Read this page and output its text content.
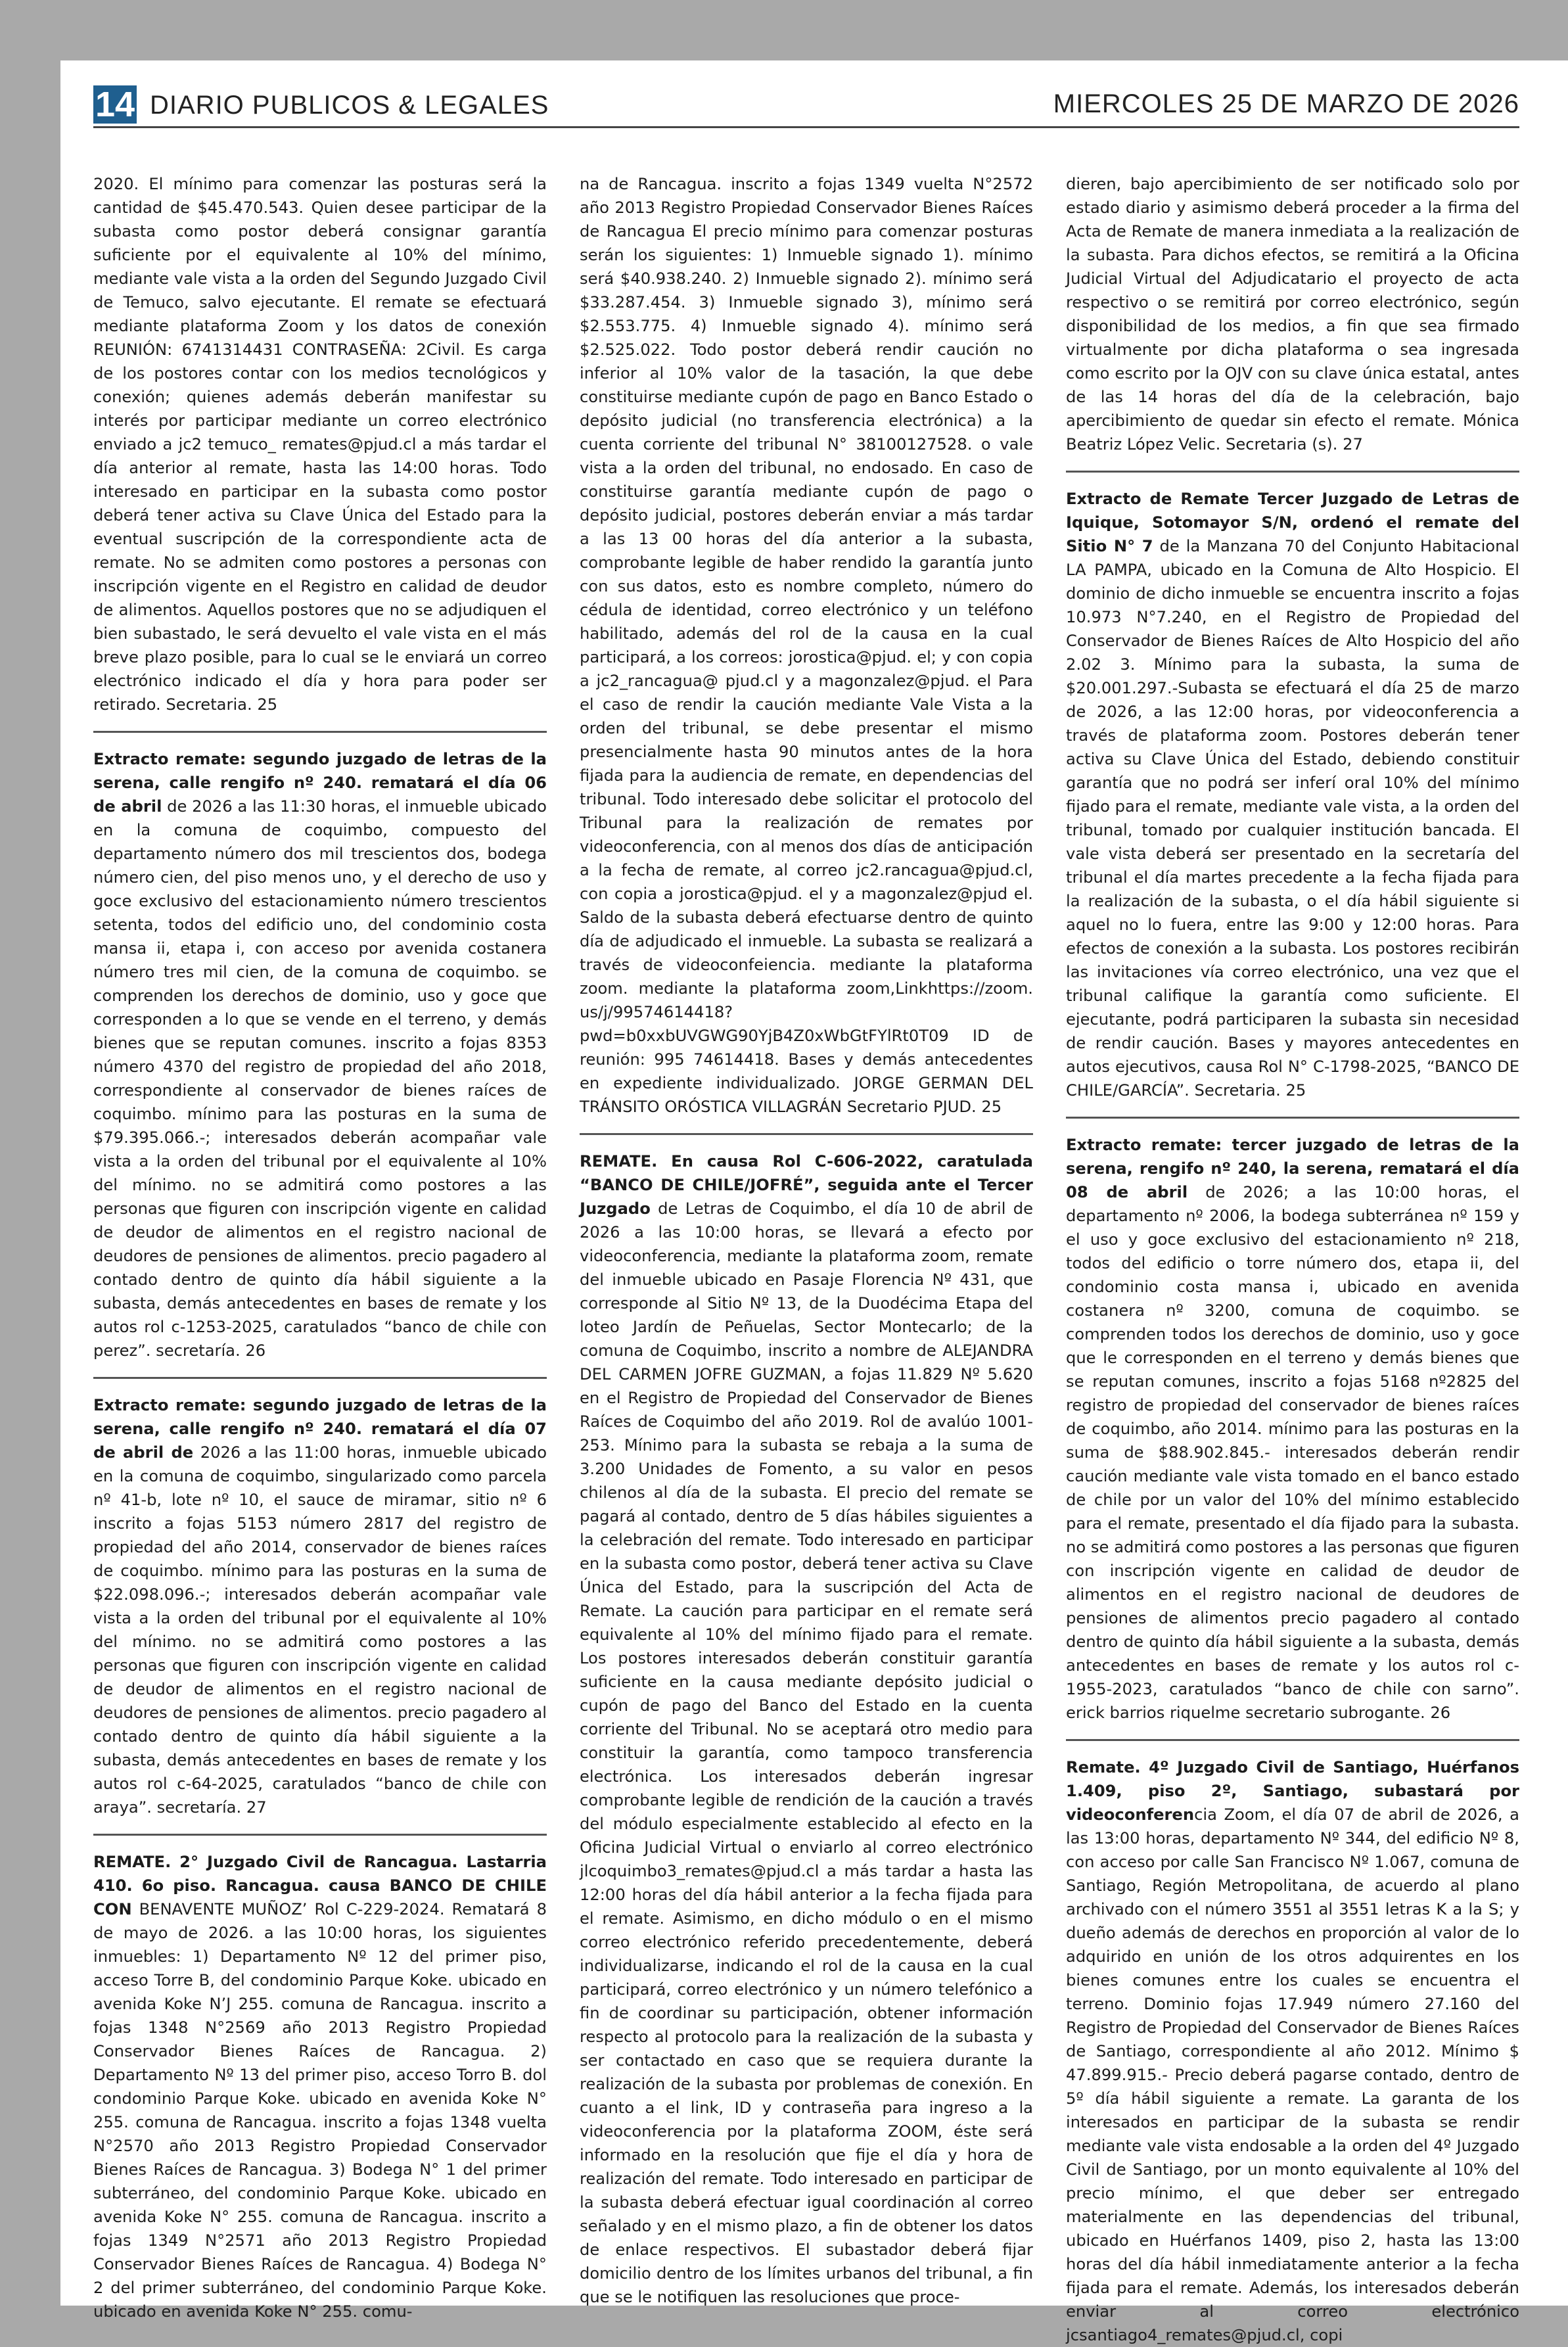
14 DIARIO PUBLICOS & LEGALES	MIERCOLES 25 DE MARZO DE 2026

2020. El mínimo para comenzar las posturas será la cantidad de $45.470.543. Quien desee participar de la subasta como postor deberá consignar garantía suficiente por el equivalente al 10% del mínimo, mediante vale vista a la orden del Segundo Juzgado Civil de Temuco, salvo ejecutante. El remate se efectuará mediante plataforma Zoom y los datos de conexión REUNIÓN: 6741314431 CONTRASEÑA: 2Civil. Es carga de los postores contar con los medios tecnológicos y conexión; quienes además deberán manifestar su interés por participar mediante un correo electrónico enviado a jc2 temuco_ remates@pjud.cl a más tardar el día anterior al remate, hasta las 14:00 horas. Todo interesado en participar en la subasta como postor deberá tener activa su Clave Única del Estado para la eventual suscripción de la correspondiente acta de remate. No se admiten como postores a personas con inscripción vigente en el Registro en calidad de deudor de alimentos. Aquellos postores que no se adjudiquen el bien subastado, le será devuelto el vale vista en el más breve plazo posible, para lo cual se le enviará un correo electrónico indicado el día y hora para poder ser retirado. Secretaria. 25

Extracto remate: segundo juzgado de letras de la serena, calle rengifo nº 240. rematará el día 06 de abril de 2026 a las 11:30 horas, el inmueble ubicado en la comuna de coquimbo, compuesto del departamento número dos mil trescientos dos, bodega número cien, del piso menos uno, y el derecho de uso y goce exclusivo del estacionamiento número trescientos setenta, todos del edificio uno, del condominio costa mansa ii, etapa i, con acceso por avenida costanera número tres mil cien, de la comuna de coquimbo. se comprenden los derechos de dominio, uso y goce que corresponden a lo que se vende en el terreno, y demás bienes que se reputan comunes. inscrito a fojas 8353 número 4370 del registro de propiedad del año 2018, correspondiente al conservador de bienes raíces de coquimbo. mínimo para las posturas en la suma de $79.395.066.-; interesados deberán acompañar vale vista a la orden del tribunal por el equivalente al 10% del mínimo. no se admitirá como postores a las personas que figuren con inscripción vigente en calidad de deudor de alimentos en el registro nacional de deudores de pensiones de alimentos. precio pagadero al contado dentro de quinto día hábil siguiente a la subasta, demás antecedentes en bases de remate y los autos rol c-1253-2025, caratulados “banco de chile con perez”. secretaría. 26

Extracto remate: segundo juzgado de letras de la serena, calle rengifo nº 240. rematará el día 07 de abril de 2026 a las 11:00 horas, inmueble ubicado en la comuna de coquimbo, singularizado como parcela nº 41-b, lote nº 10, el sauce de miramar, sitio nº 6 inscrito a fojas 5153 número 2817 del registro de propiedad del año 2014, conservador de bienes raíces de coquimbo. mínimo para las posturas en la suma de $22.098.096.-; interesados deberán acompañar vale vista a la orden del tribunal por el equivalente al 10% del mínimo. no se admitirá como postores a las personas que figuren con inscripción vigente en calidad de deudor de alimentos en el registro nacional de deudores de pensiones de alimentos. precio pagadero al contado dentro de quinto día hábil siguiente a la subasta, demás antecedentes en bases de remate y los autos rol c-64-2025, caratulados “banco de chile con araya”. secretaría. 27

REMATE. 2° Juzgado Civil de Rancagua. Lastarria 410. 6o piso. Rancagua. causa BANCO DE CHILE CON BENAVENTE MUÑOZ’ Rol C-229-2024. Rematará 8 de mayo de 2026. a las 10:00 horas, los siguientes inmuebles: 1) Departamento Nº 12 del primer piso, acceso Torre B, del condominio Parque Koke. ubicado en avenida Koke N’J 255. comuna de Rancagua. inscrito a fojas 1348 N°2569 año 2013 Registro Propiedad Conservador Bienes Raíces de Rancagua. 2) Departamento Nº 13 del primer piso, acceso Torro B. dol condominio Parque Koke. ubicado en avenida Koke N° 255. comuna de Rancagua. inscrito a fojas 1348 vuelta N°2570 año 2013 Registro Propiedad Conservador Bienes Raíces de Rancagua. 3) Bodega N° 1 del primer subterráneo, del condominio Parque Koke. ubicado en avenida Koke N° 255. comuna de Rancagua. inscrito a fojas 1349 N°2571 año 2013 Registro Propiedad Conservador Bienes Raíces de Rancagua. 4) Bodega N° 2 del primer subterráneo, del condominio Parque Koke. ubicado en avenida Koke N° 255. comu-

na de Rancagua. inscrito a fojas 1349 vuelta N°2572 año 2013 Registro Propiedad Conservador Bienes Raíces de Rancagua El precio mínimo para comenzar posturas serán los siguientes: 1) Inmueble signado 1). mínimo será $40.938.240. 2) Inmueble signado 2). mínimo será $33.287.454. 3) Inmueble signado 3), mínimo será $2.553.775. 4) Inmueble signado 4). mínimo será $2.525.022. Todo postor deberá rendir caución no inferior al 10% valor de la tasación, la que debe constituirse mediante cupón de pago en Banco Estado o depósito judicial (no transferencia electrónica) a la cuenta corriente del tribunal N° 38100127528. o vale vista a la orden del tribunal, no endosado. En caso de constituirse garantía mediante cupón de pago o depósito judicial, postores deberán enviar a más tardar a las 13 00 horas del día anterior a la subasta, comprobante legible de haber rendido la garantía junto con sus datos, esto es nombre completo, número do cédula de identidad, correo electrónico y un teléfono habilitado, además del rol de la causa en la cual participará, a los correos: jorostica@pjud. el; y con copia a jc2_rancagua@ pjud.cl y a magonzalez@pjud. el Para el caso de rendir la caución mediante Vale Vista a la orden del tribunal, se debe presentar el mismo presencialmente hasta 90 minutos antes de la hora fijada para la audiencia de remate, en dependencias del tribunal. Todo interesado debe solicitar el protocolo del Tribunal para la realización de remates por videoconferencia, con al menos dos días de anticipación a la fecha de remate, al correo jc2.rancagua@pjud.cl, con copia a jorostica@pjud. el y a magonzalez@pjud el. Saldo de la subasta deberá efectuarse dentro de quinto día de adjudicado el inmueble. La subasta se realizará a través de videoconfeiencia. mediante la plataforma zoom. mediante la plataforma zoom,Linkhttps://zoom. us/j/99574614418?pwd=b0xxbUVGWG90YjB4Z0xWbGtFYlRt0T09 ID de reunión: 995 74614418. Bases y demás antecedentes en expediente individualizado. JORGE GERMAN DEL TRÁNSITO ORÓSTICA VILLAGRÁN Secretario PJUD. 25

REMATE. En causa Rol C-606-2022, caratulada “BANCO DE CHILE/JOFRÉ”, seguida ante el Tercer Juzgado de Letras de Coquimbo, el día 10 de abril de 2026 a las 10:00 horas, se llevará a efecto por videoconferencia, mediante la plataforma zoom, remate del inmueble ubicado en Pasaje Florencia Nº 431, que corresponde al Sitio Nº 13, de la Duodécima Etapa del loteo Jardín de Peñuelas, Sector Montecarlo; de la comuna de Coquimbo, inscrito a nombre de ALEJANDRA DEL CARMEN JOFRE GUZMAN, a fojas 11.829 Nº 5.620 en el Registro de Propiedad del Conservador de Bienes Raíces de Coquimbo del año 2019. Rol de avalúo 1001-253. Mínimo para la subasta se rebaja a la suma de 3.200 Unidades de Fomento, a su valor en pesos chilenos al día de la subasta. El precio del remate se pagará al contado, dentro de 5 días hábiles siguientes a la celebración del remate. Todo interesado en participar en la subasta como postor, deberá tener activa su Clave Única del Estado, para la suscripción del Acta de Remate. La caución para participar en el remate será equivalente al 10% del mínimo fijado para el remate. Los postores interesados deberán constituir garantía suficiente en la causa mediante depósito judicial o cupón de pago del Banco del Estado en la cuenta corriente del Tribunal. No se aceptará otro medio para constituir la garantía, como tampoco transferencia electrónica. Los interesados deberán ingresar comprobante legible de rendición de la caución a través del módulo especialmente establecido al efecto en la Oficina Judicial Virtual o enviarlo al correo electrónico jlcoquimbo3_remates@pjud.cl a más tardar a hasta las 12:00 horas del día hábil anterior a la fecha fijada para el remate. Asimismo, en dicho módulo o en el mismo correo electrónico referido precedentemente, deberá individualizarse, indicando el rol de la causa en la cual participará, correo electrónico y un número telefónico a fin de coordinar su participación, obtener información respecto al protocolo para la realización de la subasta y ser contactado en caso que se requiera durante la realización de la subasta por problemas de conexión. En cuanto a el link, ID y contraseña para ingreso a la videoconferencia por la plataforma ZOOM, éste será informado en la resolución que fije el día y hora de realización del remate. Todo interesado en participar de la subasta deberá efectuar igual coordinación al correo señalado y en el mismo plazo, a fin de obtener los datos de enlace respectivos. El subastador deberá fijar domicilio dentro de los límites urbanos del tribunal, a fin que se le notifiquen las resoluciones que proce-

dieren, bajo apercibimiento de ser notificado solo por estado diario y asimismo deberá proceder a la firma del Acta de Remate de manera inmediata a la realización de la subasta. Para dichos efectos, se remitirá a la Oficina Judicial Virtual del Adjudicatario el proyecto de acta respectivo o se remitirá por correo electrónico, según disponibilidad de los medios, a fin que sea firmado virtualmente por dicha plataforma o sea ingresada como escrito por la OJV con su clave única estatal, antes de las 14 horas del día de la celebración, bajo apercibimiento de quedar sin efecto el remate. Mónica Beatriz López Velic. Secretaria (s). 27

Extracto de Remate Tercer Juzgado de Letras de Iquique, Sotomayor S/N, ordenó el remate del Sitio N° 7 de la Manzana 70 del Conjunto Habitacional LA PAMPA, ubicado en la Comuna de Alto Hospicio. El dominio de dicho inmueble se encuentra inscrito a fojas 10.973 N°7.240, en el Registro de Propiedad del Conservador de Bienes Raíces de Alto Hospicio del año 2.02 3. Mínimo para la subasta, la suma de $20.001.297.-Subasta se efectuará el día 25 de marzo de 2026, a las 12:00 horas, por videoconferencia a través de plataforma zoom. Postores deberán tener activa su Clave Única del Estado, debiendo constituir garantía que no podrá ser inferí oral 10% del mínimo fijado para el remate, mediante vale vista, a la orden del tribunal, tomado por cualquier institución bancada. El vale vista deberá ser presentado en la secretaría del tribunal el día martes precedente a la fecha fijada para la realización de la subasta, o el día hábil siguiente si aquel no lo fuera, entre las 9:00 y 12:00 horas. Para efectos de conexión a la subasta. Los postores recibirán las invitaciones vía correo electrónico, una vez que el tribunal califique la garantía como suficiente. El ejecutante, podrá participaren la subasta sin necesidad de rendir caución. Bases y mayores antecedentes en autos ejecutivos, causa Rol N° C-1798-2025, “BANCO DE CHILE/GARCÍA”. Secretaria. 25

Extracto remate: tercer juzgado de letras de la serena, rengifo nº 240, la serena, rematará el día 08 de abril de 2026; a las 10:00 horas, el departamento nº 2006, la bodega subterránea nº 159 y el uso y goce exclusivo del estacionamiento nº 218, todos del edificio o torre número dos, etapa ii, del condominio costa mansa i, ubicado en avenida costanera nº 3200, comuna de coquimbo. se comprenden todos los derechos de dominio, uso y goce que le corresponden en el terreno y demás bienes que se reputan comunes, inscrito a fojas 5168 nº2825 del registro de propiedad del conservador de bienes raíces de coquimbo, año 2014. mínimo para las posturas en la suma de $88.902.845.- interesados deberán rendir caución mediante vale vista tomado en el banco estado de chile por un valor del 10% del mínimo establecido para el remate, presentado el día fijado para la subasta. no se admitirá como postores a las personas que figuren con inscripción vigente en calidad de deudor de alimentos en el registro nacional de deudores de pensiones de alimentos precio pagadero al contado dentro de quinto día hábil siguiente a la subasta, demás antecedentes en bases de remate y los autos rol c-1955-2023, caratulados “banco de chile con sarno”. erick barrios riquelme secretario subrogante. 26

Remate. 4º Juzgado Civil de Santiago, Huérfanos 1.409, piso 2º, Santiago, subastará por videoconferencia Zoom, el día 07 de abril de 2026, a las 13:00 horas, departamento Nº 344, del edificio Nº 8, con acceso por calle San Francisco Nº 1.067, comuna de Santiago, Región Metropolitana, de acuerdo al plano archivado con el número 3551 al 3551 letras K a la S; y dueño además de derechos en proporción al valor de lo adquirido en unión de los otros adquirentes en los bienes comunes entre los cuales se encuentra el terreno. Dominio fojas 17.949 número 27.160 del Registro de Propiedad del Conservador de Bienes Raíces de Santiago, correspondiente al año 2012. Mínimo $ 47.899.915.- Precio deberá pagarse contado, dentro de 5º día hábil siguiente a remate. La garanta de los interesados en participar de la subasta se rendir mediante vale vista endosable a la orden del 4º Juzgado Civil de Santiago, por un monto equivalente al 10% del precio mínimo, el que deber ser entregado materialmente en las dependencias del tribunal, ubicado en Huérfanos 1409, piso 2, hasta las 13:00 horas del día hábil inmediatamente anterior a la fecha fijada para el remate. Además, los interesados deberán enviar al correo electrónico jcsantiago4_remates@pjud.cl, copi
